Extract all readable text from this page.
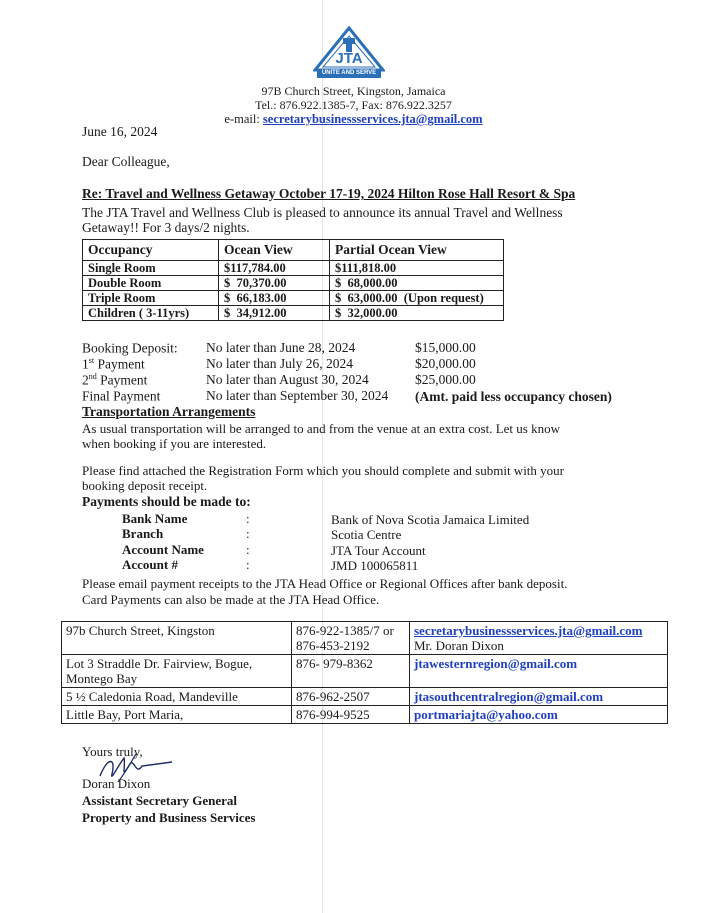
JTA
UNITE AND SERVE
97B Church Street, Kingston, Jamaica
Tel.: 876.922.1385-7, Fax: 876.922.3257
e-mail: secretarybusinessservices.jta@gmail.com
June 16, 2024
Dear Colleague,
Re: Travel and Wellness Getaway October 17-19, 2024 Hilton Rose Hall Resort & Spa
The JTA Travel and Wellness Club is pleased to announce its annual Travel and Wellness
Getaway!! For 3 days/2 nights.
Occupancy	Ocean View	Partial Ocean View
Single Room	$117,784.00	$111,818.00
Double Room	$  70,370.00	$  68,000.00
Triple Room	$  66,183.00	$  63,000.00  (Upon request)
Children ( 3-11yrs)	$  34,912.00	$  32,000.00
Booking Deposit: No later than June 28, 2024	$15,000.00
1st Payment	No later than July 26, 2024	$20,000.00
2nd Payment	No later than August 30, 2024	$25,000.00
Final Payment	No later than September 30, 2024 (Amt. paid less occupancy chosen)
Transportation Arrangements
As usual transportation will be arranged to and from the venue at an extra cost. Let us know
when booking if you are interested.
Please find attached the Registration Form which you should complete and submit with your
booking deposit receipt.
Payments should be made to:
Bank Name	:	Bank of Nova Scotia Jamaica Limited
Branch	:	Scotia Centre
Account Name	:	JTA Tour Account
Account #	:	JMD 100065811
Please email payment receipts to the JTA Head Office or Regional Offices after bank deposit.
Card Payments can also be made at the JTA Head Office.
97b Church Street, Kingston	876-922-1385/7 or 876-453-2192	secretarybusinessservices.jta@gmail.com
Mr. Doran Dixon

Lot 3 Straddle Dr. Fairview, Bogue, Montego Bay	876- 979-8362	jtawesternregion@gmail.com

5 ½ Caledonia Road, Mandeville	876-962-2507	jtasouthcentralregion@gmail.com

Little Bay, Port Maria,	876-994-9525	portmariajta@yahoo.com
Yours truly,
Doran Dixon
Assistant Secretary General
Property and Business Services
